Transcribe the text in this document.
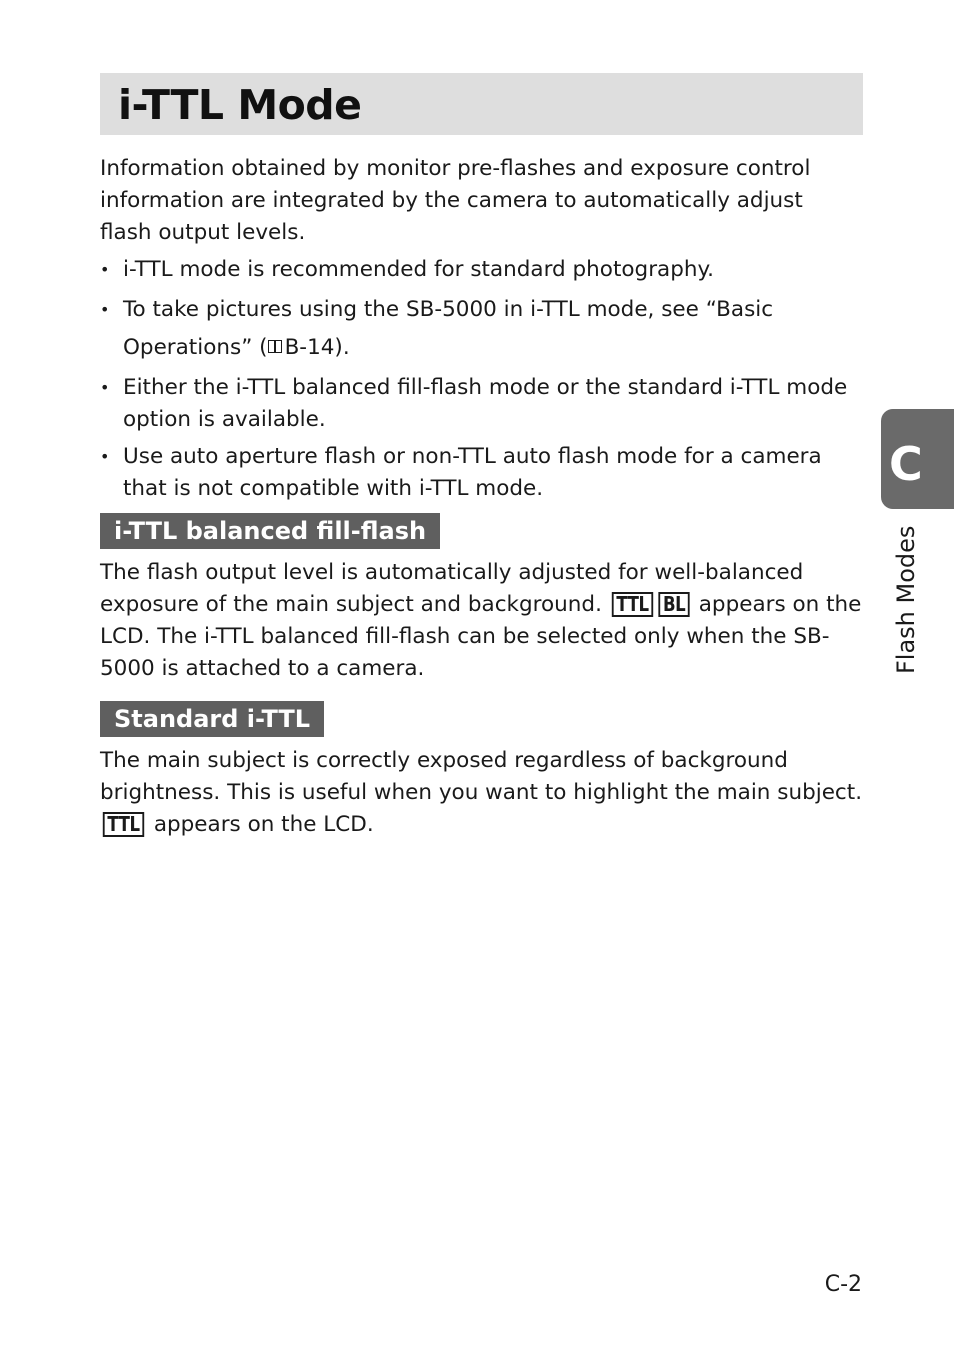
i-TTL Mode

Information obtained by monitor pre-flashes and exposure control information are integrated by the camera to automatically adjust flash output levels.

• i-TTL mode is recommended for standard photography.
• To take pictures using the SB-5000 in i-TTL mode, see “Basic Operations” ( B-14).
• Either the i-TTL balanced fill-flash mode or the standard i-TTL mode option is available.
• Use auto aperture flash or non-TTL auto flash mode for a camera that is not compatible with i-TTL mode.
i-TTL balanced fill-flash

The flash output level is automatically adjusted for well-balanced exposure of the main subject and background. TTL BL appears on the LCD. The i-TTL balanced fill-flash can be selected only when the SB-5000 is attached to a camera.

Standard i-TTL

The main subject is correctly exposed regardless of background brightness. This is useful when you want to highlight the main subject. TTL appears on the LCD.

C
Flash Modes
C-2
